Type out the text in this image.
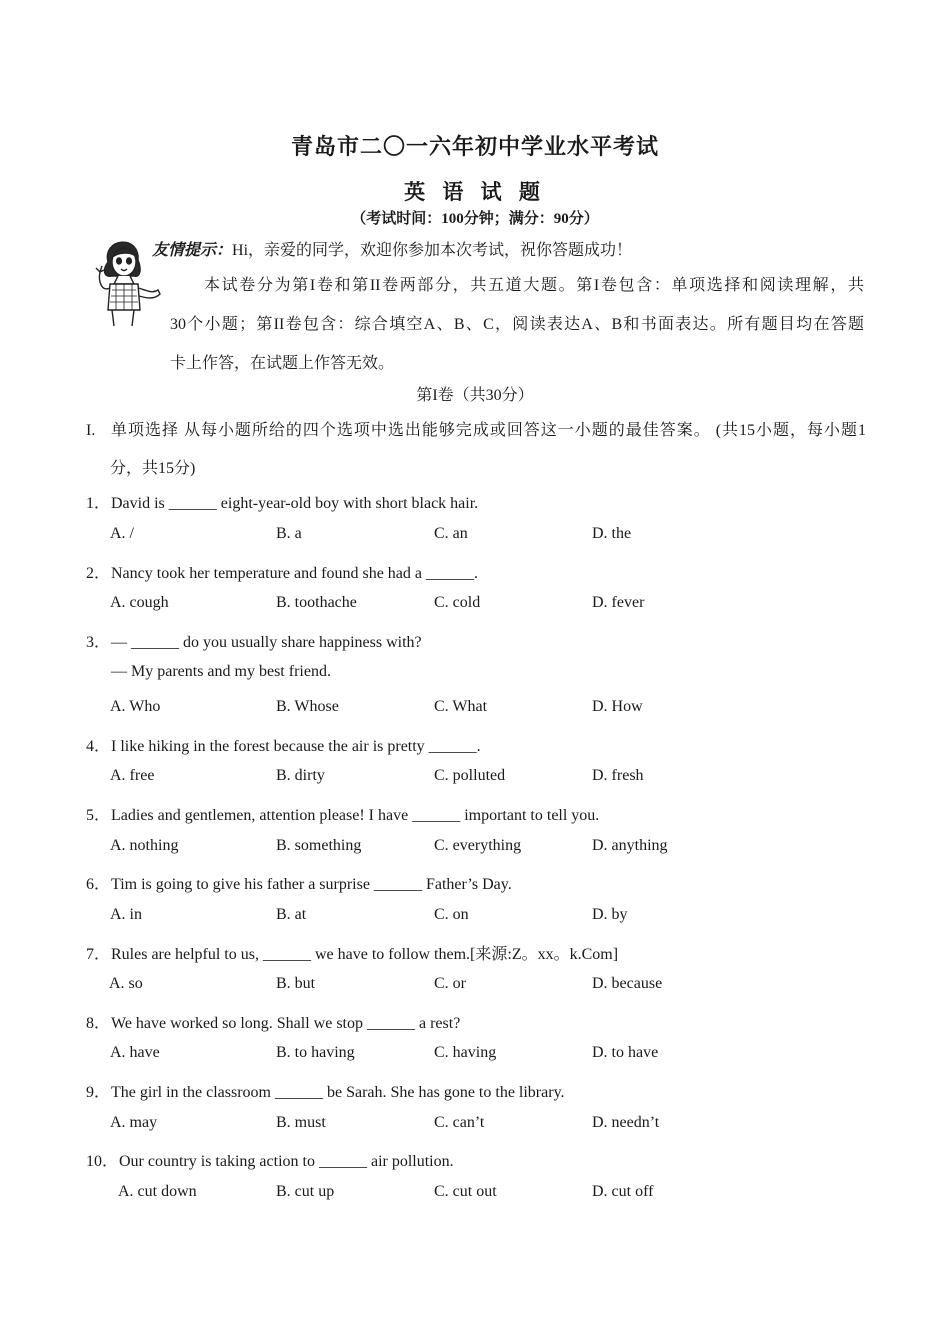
青岛市二〇一六年初中学业水平考试
英 语 试 题
（考试时间：100分钟；满分：90分）
友情提示：Hi，亲爱的同学，欢迎你参加本次考试，祝你答题成功！
本试卷分为第I卷和第II卷两部分，共五道大题。第I卷包含：单项选择和阅读理解，共
30个小题；第II卷包含：综合填空A、B、C，阅读表达A、B和书面表达。所有题目均在答题
卡上作答，在试题上作答无效。
第I卷（共30分）
I. 单项选择 从每小题所给的四个选项中选出能够完成或回答这一小题的最佳答案。 (共15小题，每小题1
分，共15分)
1．David is ______ eight-year-old boy with short black hair.
A. /	B. a	C. an	D. the
2．Nancy took her temperature and found she had a ______.
A. cough	B. toothache	C. cold	D. fever
3．— ______ do you usually share happiness with?
— My parents and my best friend.
A. Who	B. Whose	C. What	D. How
4．I like hiking in the forest because the air is pretty ______.
A. free	B. dirty	C. polluted	D. fresh
5．Ladies and gentlemen, attention please! I have ______ important to tell you.
A. nothing	B. something	C. everything	D. anything
6．Tim is going to give his father a surprise ______ Father’s Day.
A. in	B. at	C. on	D. by
7．Rules are helpful to us, ______ we have to follow them.[来源:Z。xx。k.Com]
A. so	B. but	C. or	D. because
8．We have worked so long. Shall we stop ______ a rest?
A. have	B. to having	C. having	D. to have
9．The girl in the classroom ______ be Sarah. She has gone to the library.
A. may	B. must	C. can’t	D. needn’t
10．Our country is taking action to ______ air pollution.
A. cut down	B. cut up	C. cut out	D. cut off
